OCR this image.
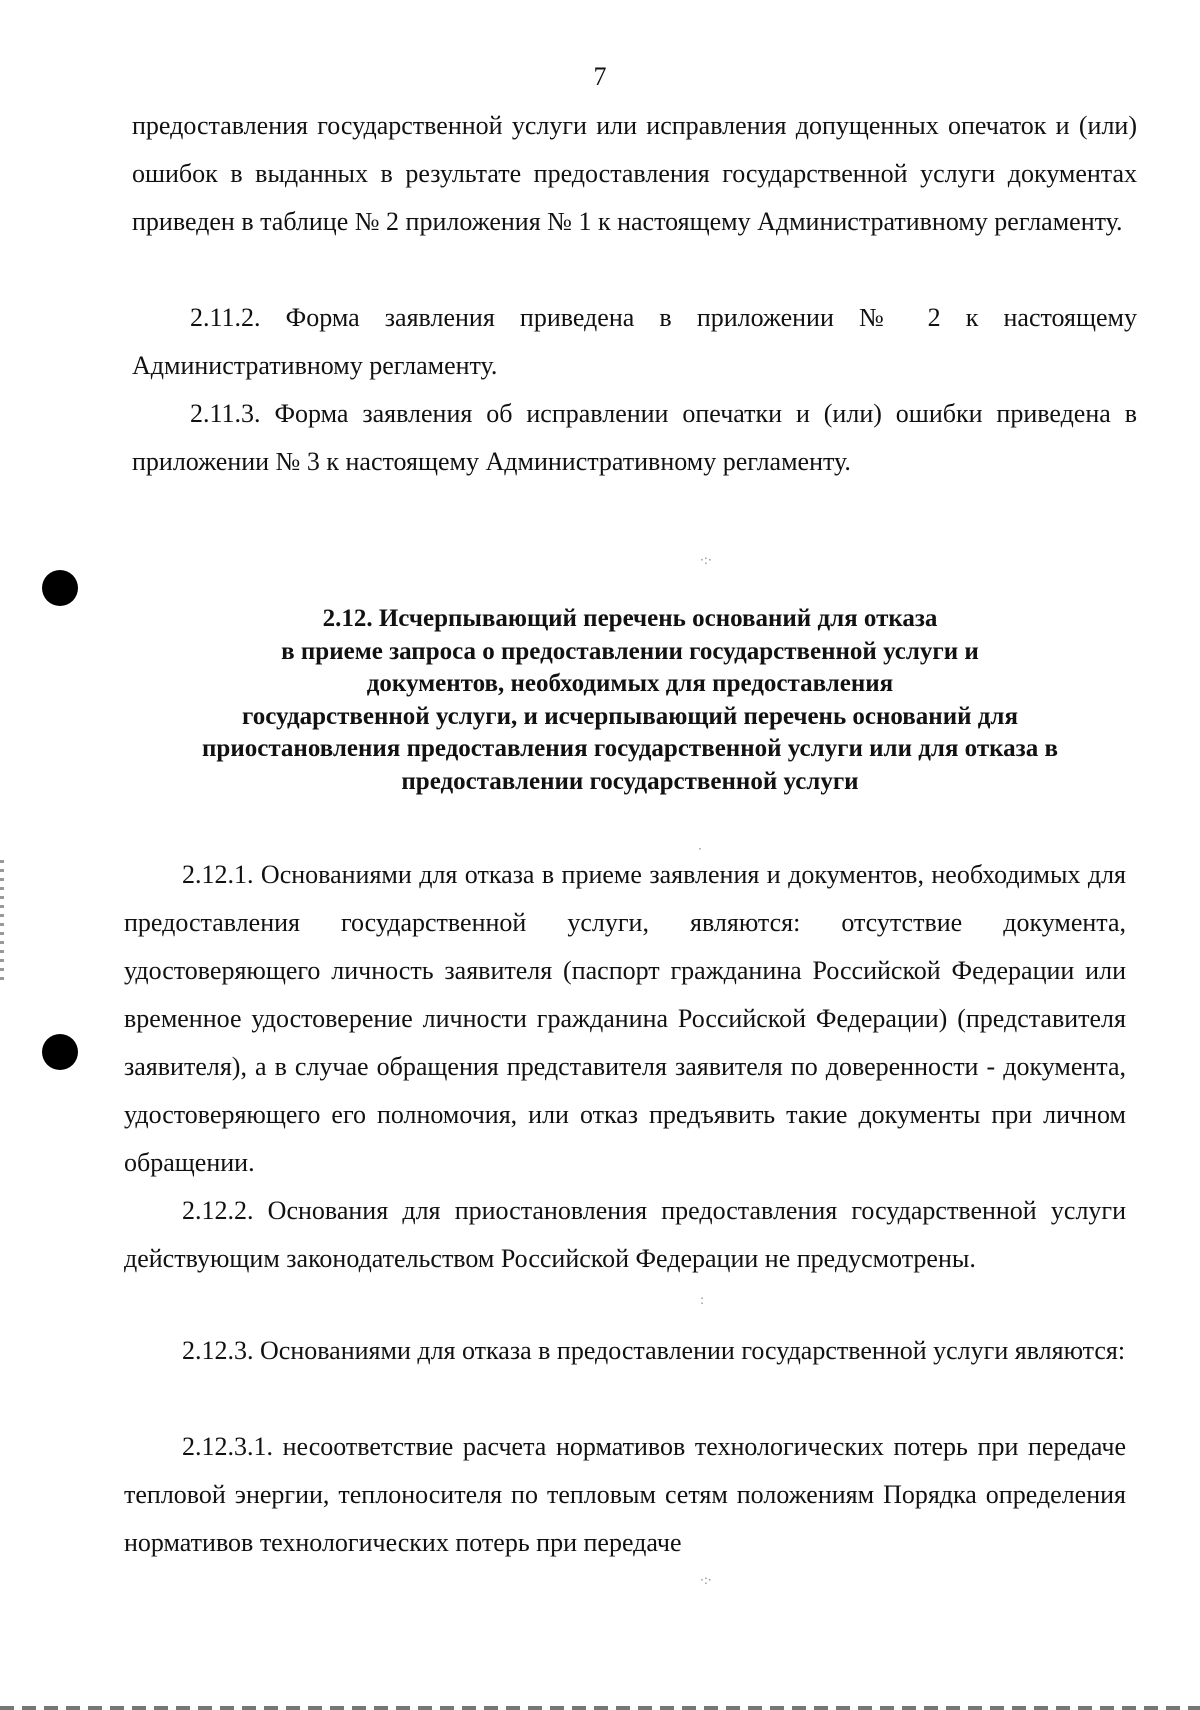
7

предоставления государственной услуги или исправления допущенных опечаток и (или) ошибок в выданных в результате предоставления государственной услуги документах приведен в таблице № 2 приложения № 1 к настоящему Административному регламенту.

2.11.2. Форма заявления приведена в приложении № 2 к настоящему Административному регламенту.

2.11.3. Форма заявления об исправлении опечатки и (или) ошибки приведена в приложении № 3 к настоящему Административному регламенту.

2.12. Исчерпывающий перечень оснований для отказа
в приеме запроса о предоставлении государственной услуги и
документов, необходимых для предоставления
государственной услуги, и исчерпывающий перечень оснований для
приостановления предоставления государственной услуги или для отказа в
предоставлении государственной услуги

2.12.1. Основаниями для отказа в приеме заявления и документов, необходимых для предоставления государственной услуги, являются: отсутствие документа, удостоверяющего личность заявителя (паспорт гражданина Российской Федерации или временное удостоверение личности гражданина Российской Федерации) (представителя заявителя), а в случае обращения представителя заявителя по доверенности - документа, удостоверяющего его полномочия, или отказ предъявить такие документы при личном обращении.

2.12.2. Основания для приостановления предоставления государственной услуги действующим законодательством Российской Федерации не предусмотрены.

2.12.3. Основаниями для отказа в предоставлении государственной услуги являются:

2.12.3.1. несоответствие расчета нормативов технологических потерь при передаче тепловой энергии, теплоносителя по тепловым сетям положениям Порядка определения нормативов технологических потерь при передаче

·:·
·
:
·:·
